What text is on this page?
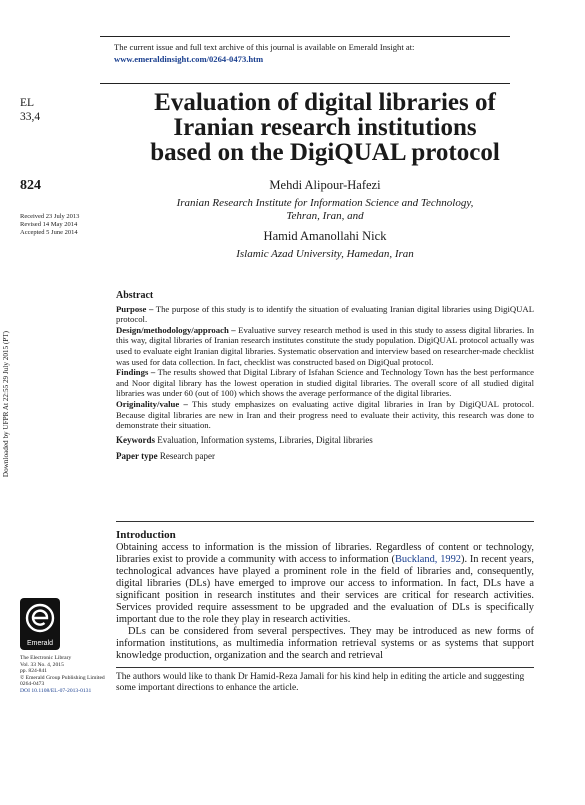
The current issue and full text archive of this journal is available on Emerald Insight at:
www.emeraldinsight.com/0264-0473.htm
EL
33,4
824
Received 23 July 2013
Revised 14 May 2014
Accepted 5 June 2014
Downloaded by UFPR At 22:55 29 July 2015 (PT)
Evaluation of digital libraries of
Iranian research institutions
based on the DigiQUAL protocol
Mehdi Alipour-Hafezi
Iranian Research Institute for Information Science and Technology,
Tehran, Iran, and
Hamid Amanollahi Nick
Islamic Azad University, Hamedan, Iran
Abstract

Purpose – The purpose of this study is to identify the situation of evaluating Iranian digital libraries using DigiQUAL protocol.

Design/methodology/approach – Evaluative survey research method is used in this study to assess digital libraries. In this way, digital libraries of Iranian research institutes constitute the study population. DigiQUAL protocol actually was used to evaluate eight Iranian digital libraries. Systematic observation and interview based on researcher-made checklist was used for data collection. In fact, checklist was constructed based on DigiQual protocol.

Findings – The results showed that Digital Library of Isfahan Science and Technology Town has the best performance and Noor digital library has the lowest operation in studied digital libraries. The overall score of all studied digital libraries was under 60 (out of 100) which shows the average performance of the digital libraries.

Originality/value – This study emphasizes on evaluating active digital libraries in Iran by DigiQUAL protocol. Because digital libraries are new in Iran and their progress need to evaluate their activity, this research was done to demonstrate their situation.

Keywords Evaluation, Information systems, Libraries, Digital libraries

Paper type Research paper

Introduction

Obtaining access to information is the mission of libraries. Regardless of content or technology, libraries exist to provide a community with access to information (Buckland, 1992). In recent years, technological advances have played a prominent role in the field of libraries and, consequently, digital libraries (DLs) have emerged to improve our access to information. In fact, DLs have a significant position in research institutes and their services are critical for research activities. Services provided require assessment to be upgraded and the evaluation of DLs is specifically important due to the role they play in research activities.

DLs can be considered from several perspectives. They may be introduced as new forms of information institutions, as multimedia information retrieval systems or as systems that support knowledge production, organization and the search and retrieval

The authors would like to thank Dr Hamid-Reza Jamali for his kind help in editing the article and suggesting some important directions to enhance the article.
Emerald
The Electronic Library
Vol. 33 No. 4, 2015
pp. 824-841
© Emerald Group Publishing Limited
0264-0473
DOI 10.1108/EL-07-2013-0131
